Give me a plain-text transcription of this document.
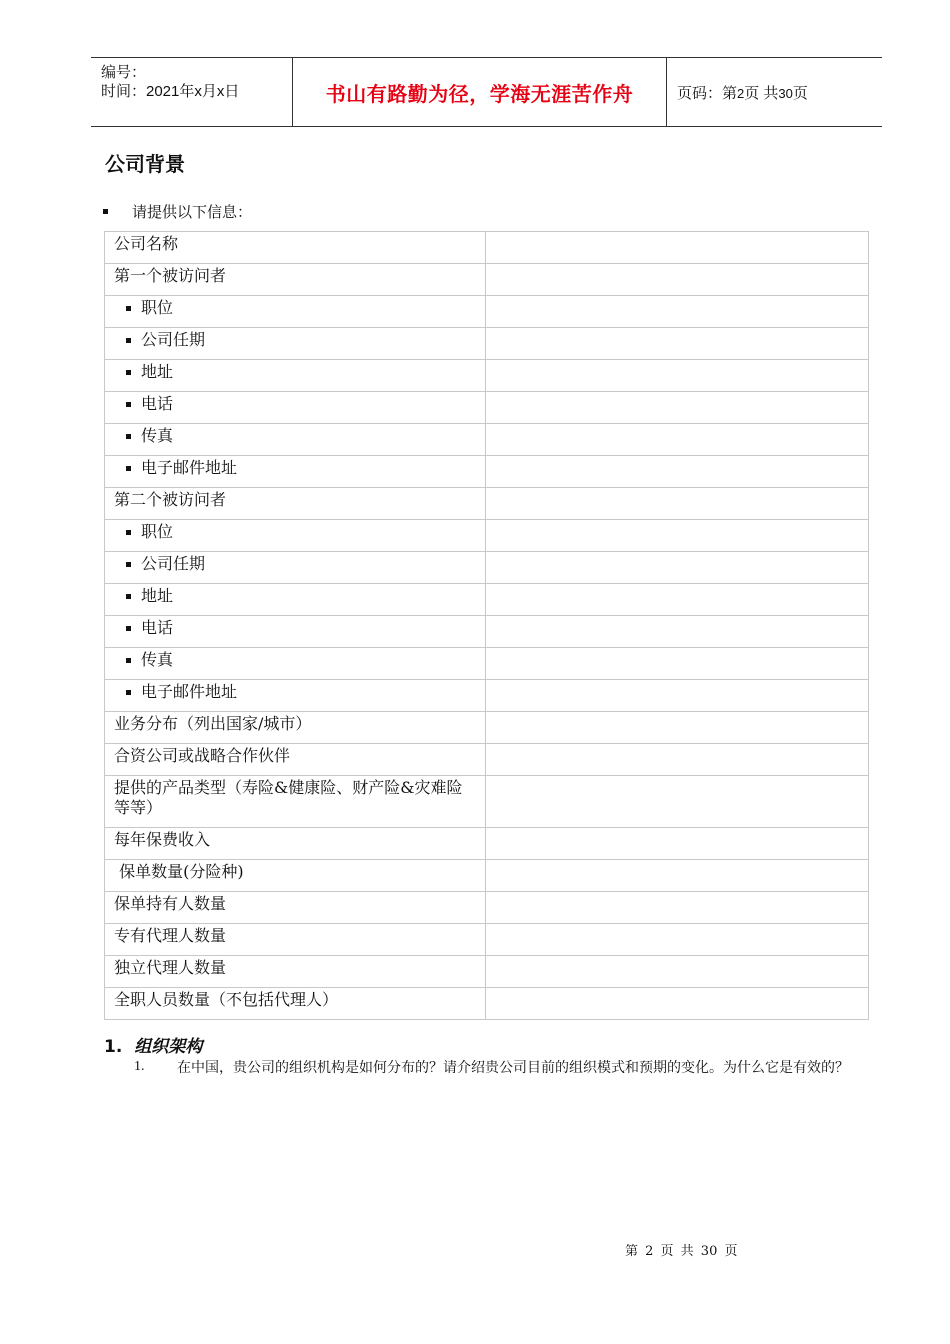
编号：
时间：2021年x月x日	书山有路勤为径，学海无涯苦作舟	页码：第2页 共30页
公司背景
请提供以下信息：
公司名称	
第一个被访问者	

职位	

公司任期	

地址	

电话	

传真	

电子邮件地址	

第二个被访问者	

职位	

公司任期	

地址	

电话	

传真	

电子邮件地址	

业务分布（列出国家/城市）	
合资公司或战略合作伙伴	
提供的产品类型（寿险&健康险、财产险&灾难险  等等）	
每年保费收入	
保单数量(分险种)	
保单持有人数量	
专有代理人数量	
独立代理人数量	
全职人员数量（不包括代理人）	
1. 组织架构
1. 在中国，贵公司的组织机构是如何分布的？请介绍贵公司目前的组织模式和预期的变化。为什么它是有效的？
第 2 页 共 30 页
